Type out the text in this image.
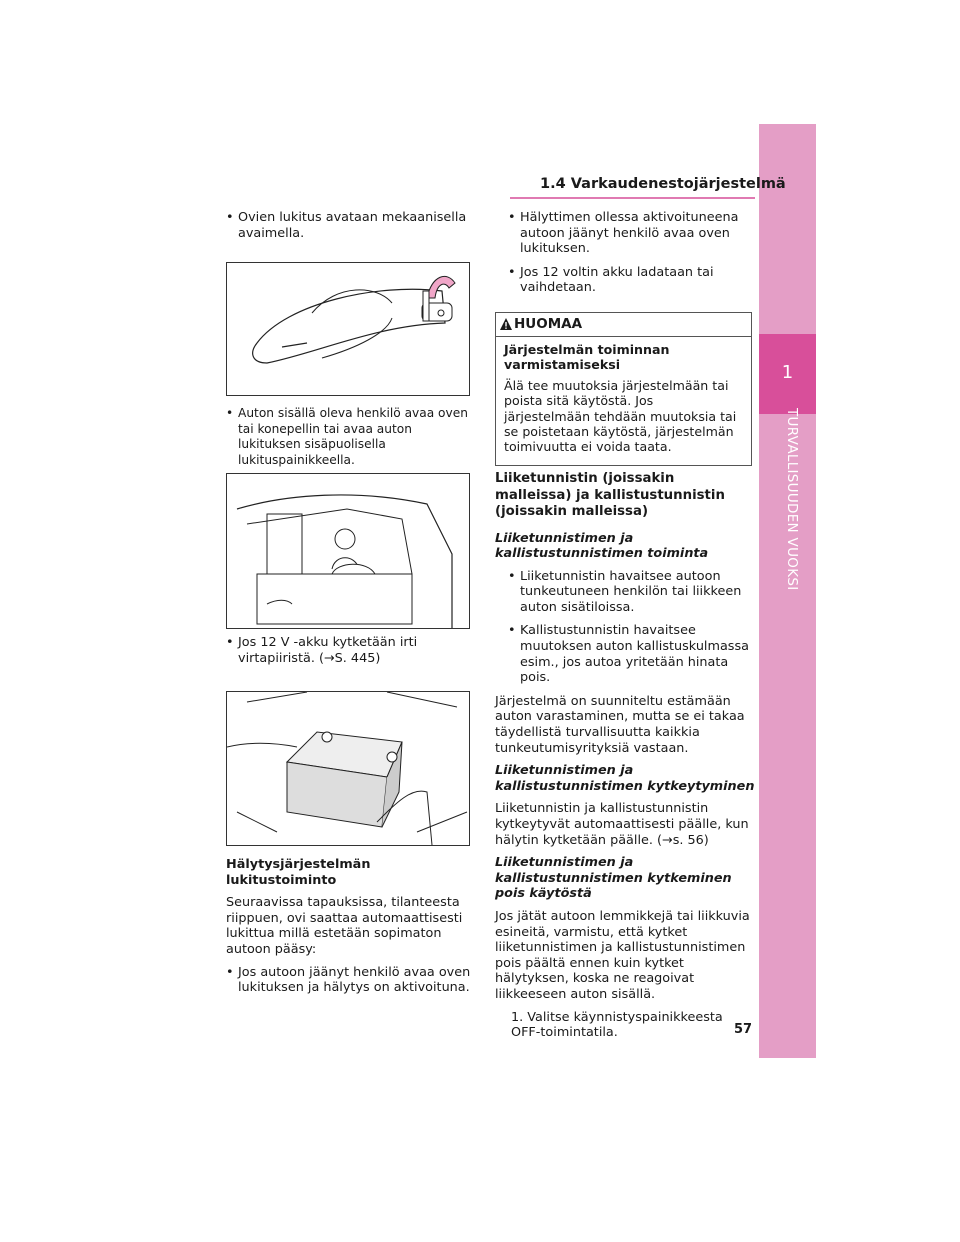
1
TURVALLISUUDEN VUOKSI
1.4 Varkaudenestojärjestelmä
• Ovien lukitus avataan mekaanisella avaimella.
• Auton sisällä oleva henkilö avaa oven tai konepellin tai avaa auton lukituksen sisäpuolisella lukituspainikkeella.
• Jos 12 V -akku kytketään irti virtapiiristä. (→S. 445)
Hälytysjärjestelmän lukitustoiminto
Seuraavissa tapauksissa, tilanteesta riippuen, ovi saattaa automaattisesti lukittua millä estetään sopimaton autoon pääsy:
• Jos autoon jäänyt henkilö avaa oven lukituksen ja hälytys on aktivoituna.
• Hälyttimen ollessa aktivoituneena autoon jäänyt henkilö avaa oven lukituksen.
• Jos 12 voltin akku ladataan tai vaihdetaan.
HUOMAA
Järjestelmän toiminnan varmistamiseksi
Älä tee muutoksia järjestelmään tai poista sitä käytöstä. Jos järjestelmään tehdään muutoksia tai se poistetaan käytöstä, järjestelmän toimivuutta ei voida taata.
Liiketunnistin (joissakin malleissa) ja kallistustunnistin (joissakin malleissa)
Liiketunnistimen ja kallistustunnistimen toiminta
• Liiketunnistin havaitsee autoon tunkeutuneen henkilön tai liikkeen auton sisätiloissa.
• Kallistustunnistin havaitsee muutoksen auton kallistuskulmassa esim., jos autoa yritetään hinata pois.
Järjestelmä on suunniteltu estämään auton varastaminen, mutta se ei takaa täydellistä turvallisuutta kaikkia tunkeutumisyrityksiä vastaan.
Liiketunnistimen ja kallistustunnistimen kytkeytyminen
Liiketunnistin ja kallistustunnistin kytkeytyvät automaattisesti päälle, kun hälytin kytketään päälle. (→s. 56)
Liiketunnistimen ja kallistustunnistimen kytkeminen pois käytöstä
Jos jätät autoon lemmikkejä tai liikkuvia esineitä, varmistu, että kytket liiketunnistimen ja kallistustunnistimen pois päältä ennen kuin kytket hälytyksen, koska ne reagoivat liikkeeseen auton sisällä.
1. Valitse käynnistyspainikkeesta OFF-toimintatila.	57
